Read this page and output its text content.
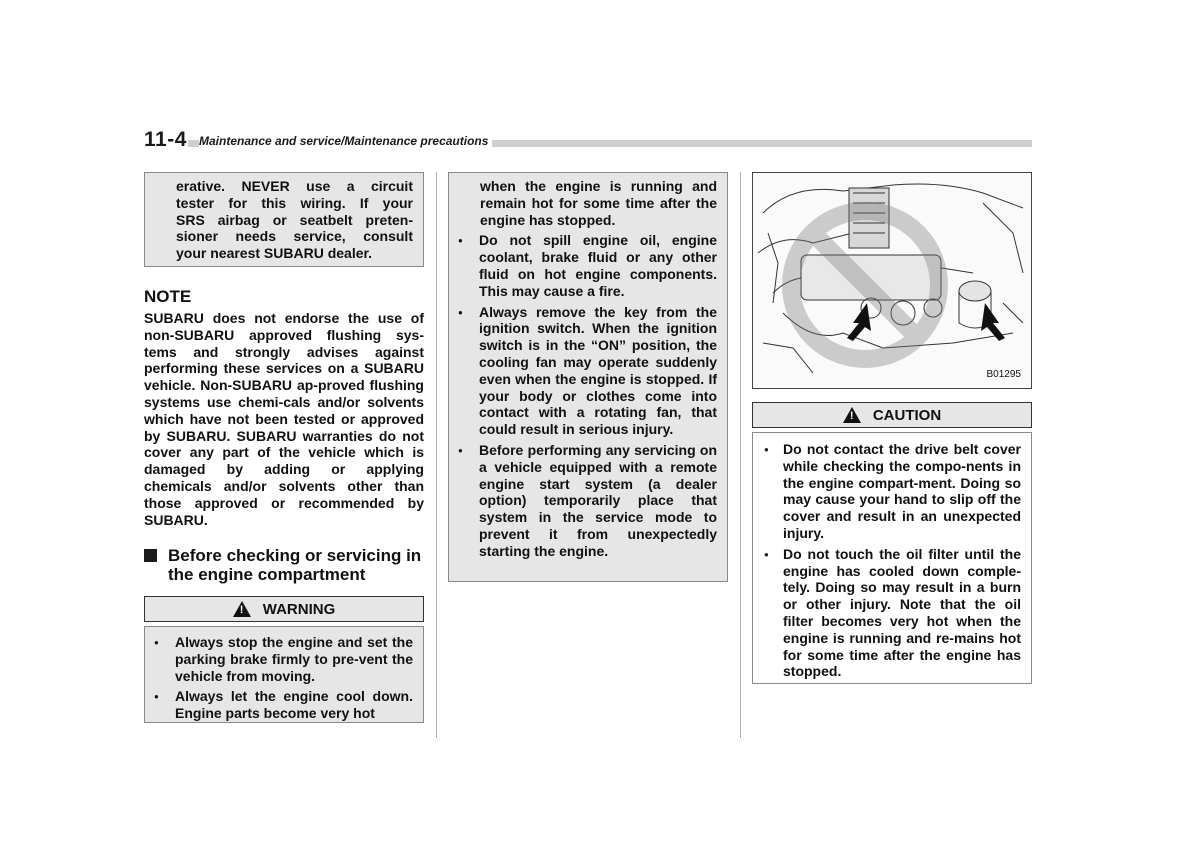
11-4 Maintenance and service/Maintenance precautions

erative. NEVER use a circuit

tester for this wiring. If your

SRS airbag or seatbelt preten-

sioner needs service, consult

your nearest SUBARU dealer.

NOTE

SUBARU does not endorse the use of non-SUBARU approved flushing sys-tems and strongly advises against performing these services on a SUBARU vehicle. Non-SUBARU ap-proved flushing systems use chemi-cals and/or solvents which have not been tested or approved by SUBARU. SUBARU warranties do not cover any part of the vehicle which is damaged by adding or applying chemicals and/or solvents other than those approved or recommended by SUBARU.

Before checking or servicing in the engine compartment

!
WARNING
● Always stop the engine and set the parking brake firmly to pre-vent the vehicle from moving.

● Always let the engine cool down. Engine parts become very hot

when the engine is running and remain hot for some time after the engine has stopped.

● Do not spill engine oil, engine coolant, brake fluid or any other fluid on hot engine components. This may cause a fire.

● Always remove the key from the ignition switch. When the ignition switch is in the “ON” position, the cooling fan may operate suddenly even when the engine is stopped. If your body or clothes come into contact with a rotating fan, that could result in serious injury.

● Before performing any servicing on a vehicle equipped with a remote engine start system (a dealer option) temporarily place that system in the service mode to prevent it from unexpectedly starting the engine.

B01295
!
CAUTION
● Do not contact the drive belt cover while checking the compo-nents in the engine compart-ment. Doing so may cause your hand to slip off the cover and result in an unexpected injury.

● Do not touch the oil filter until the engine has cooled down comple-tely. Doing so may result in a burn or other injury. Note that the oil filter becomes very hot when the engine is running and re-mains hot for some time after the engine has stopped.
